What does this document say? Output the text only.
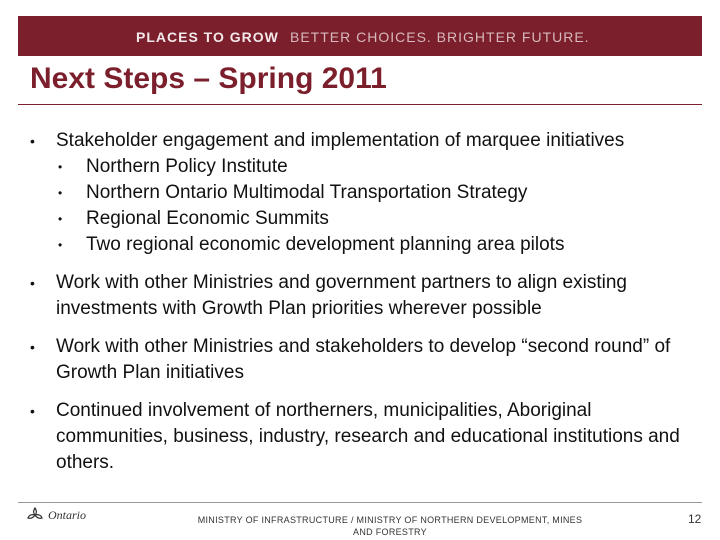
PLACES TO GROW BETTER CHOICES. BRIGHTER FUTURE.
Next Steps – Spring 2011
• Stakeholder engagement and implementation of marquee initiatives
• Northern Policy Institute
• Northern Ontario Multimodal Transportation Strategy
• Regional Economic Summits
• Two regional economic development planning area pilots
• Work with other Ministries and government partners to align existing investments with Growth Plan priorities wherever possible
• Work with other Ministries and stakeholders to develop “second round” of Growth Plan initiatives
• Continued involvement of northerners, municipalities, Aboriginal communities, business, industry, research and educational institutions and others.
Ontario	MINISTRY OF INFRASTRUCTURE / MINISTRY OF NORTHERN DEVELOPMENT, MINES AND FORESTRY
12
